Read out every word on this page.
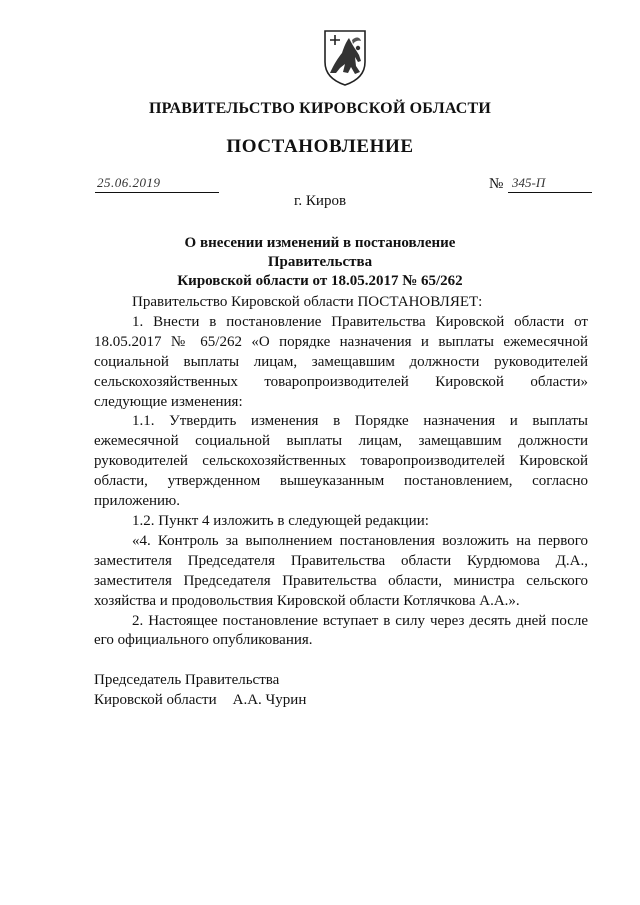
ПРАВИТЕЛЬСТВО КИРОВСКОЙ ОБЛАСТИ
ПОСТАНОВЛЕНИЕ
25.06.2019	№ 345-П
г. Киров
О внесении изменений в постановление Правительства
Кировской области от 18.05.2017 № 65/262

Правительство Кировской области ПОСТАНОВЛЯЕТ:

1. Внести в постановление Правительства Кировской области от 18.05.2017 № 65/262 «О порядке назначения и выплаты ежемесячной социальной выплаты лицам, замещавшим должности руководителей сельскохозяйственных товаропроизводителей Кировской области» следующие изменения:

1.1. Утвердить изменения в Порядке назначения и выплаты ежемесячной социальной выплаты лицам, замещавшим должности руководителей сельскохозяйственных товаропроизводителей Кировской области, утвержденном вышеуказанным постановлением, согласно приложению.

1.2. Пункт 4 изложить в следующей редакции:

«4. Контроль за выполнением постановления возложить на первого заместителя Председателя Правительства области Курдюмова Д.А., заместителя Председателя Правительства области, министра сельского хозяйства и продовольствия Кировской области Котлячкова А.А.».

2. Настоящее постановление вступает в силу через десять дней после его официального опубликования.

Председатель Правительства
Кировской области А.А. Чурин
